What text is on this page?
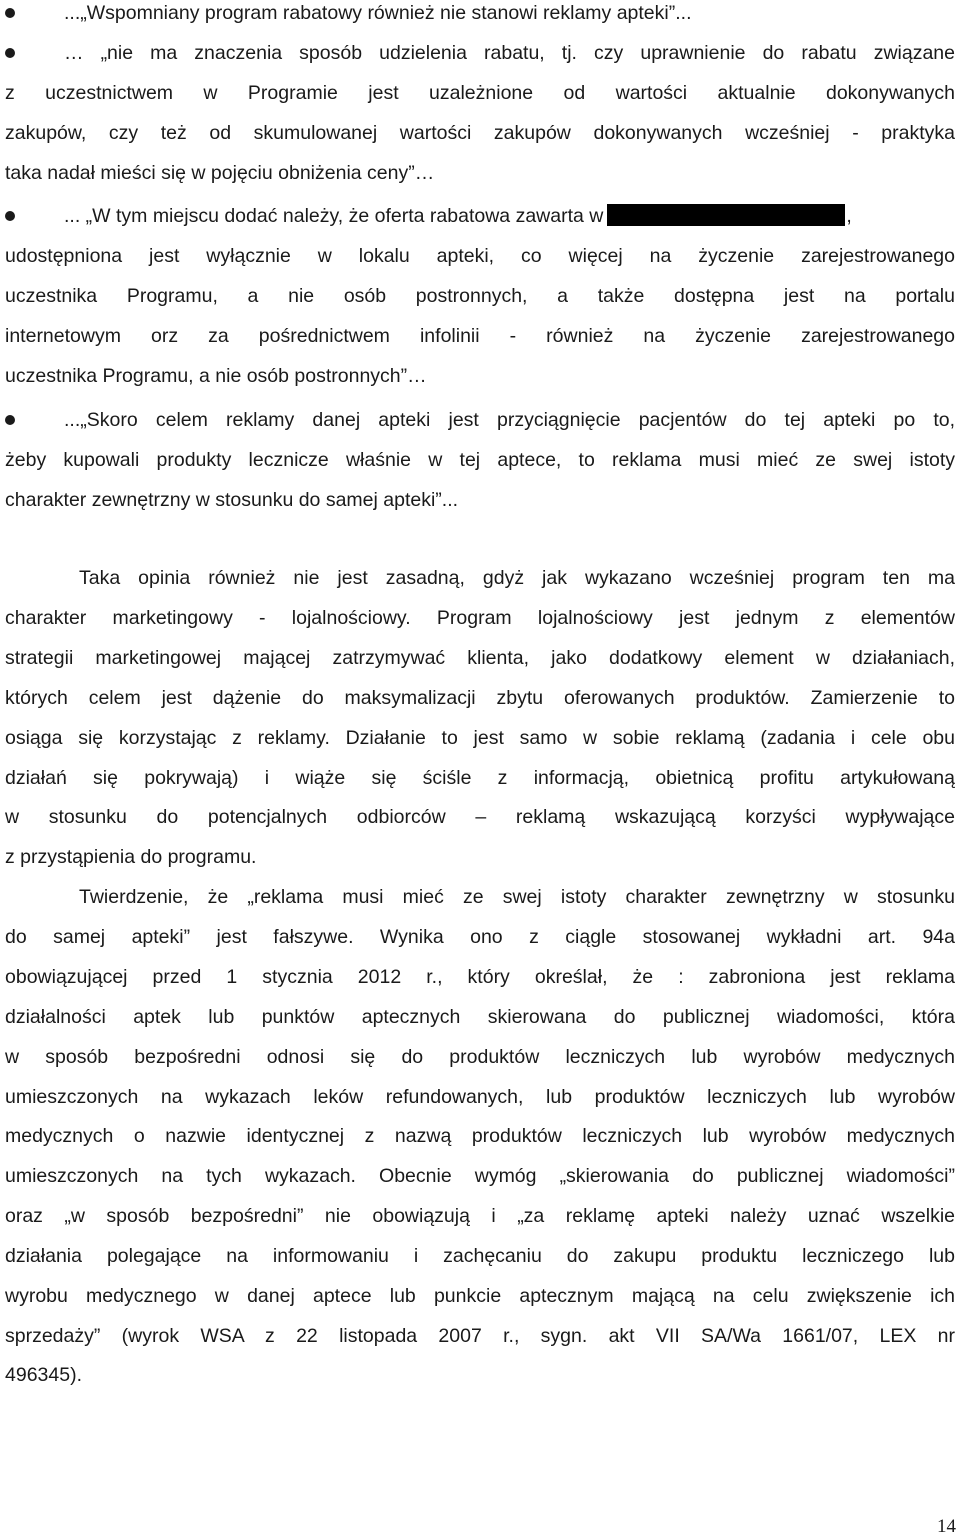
...„Wspomniany program rabatowy również nie stanowi reklamy apteki”...
… „nie ma znaczenia sposób udzielenia rabatu, tj. czy uprawnienie do rabatu związane
z uczestnictwem w Programie jest uzależnione od wartości aktualnie dokonywanych
zakupów, czy też od skumulowanej wartości zakupów dokonywanych wcześniej - praktyka
taka nadał mieści się w pojęciu obniżenia ceny”…
... „W tym miejscu dodać należy, że oferta rabatowa zawarta w	,
udostępniona jest wyłącznie w lokalu apteki, co więcej na życzenie zarejestrowanego
uczestnika Programu, a nie osób postronnych, a także dostępna jest na portalu
internetowym orz za pośrednictwem infolinii - również na życzenie zarejestrowanego
uczestnika Programu, a nie osób postronnych”…
...„Skoro celem reklamy danej apteki jest przyciągnięcie pacjentów do tej apteki po to,
żeby kupowali produkty lecznicze właśnie w tej aptece, to reklama musi mieć ze swej istoty
charakter zewnętrzny w stosunku do samej apteki”...
Taka opinia również nie jest zasadną, gdyż jak wykazano wcześniej program ten ma
charakter marketingowy - lojalnościowy. Program lojalnościowy jest jednym z elementów
strategii marketingowej mającej zatrzymywać klienta, jako dodatkowy element w działaniach,
których celem jest dążenie do maksymalizacji zbytu oferowanych produktów. Zamierzenie to
osiąga się korzystając z reklamy. Działanie to jest samo w sobie reklamą (zadania i cele obu
działań się pokrywają) i wiąże się ściśle z informacją, obietnicą profitu artykułowaną
w stosunku do potencjalnych odbiorców – reklamą wskazującą korzyści wypływające
z przystąpienia do programu.
Twierdzenie, że „reklama musi mieć ze swej istoty charakter zewnętrzny w stosunku
do samej apteki” jest fałszywe. Wynika ono z ciągle stosowanej wykładni art. 94a
obowiązującej przed 1 stycznia 2012 r., który określał, że : zabroniona jest reklama
działalności aptek lub punktów aptecznych skierowana do publicznej wiadomości, która
w sposób bezpośredni odnosi się do produktów leczniczych lub wyrobów medycznych
umieszczonych na wykazach leków refundowanych, lub produktów leczniczych lub wyrobów
medycznych o nazwie identycznej z nazwą produktów leczniczych lub wyrobów medycznych
umieszczonych na tych wykazach. Obecnie wymóg „skierowania do publicznej wiadomości”
oraz „w sposób bezpośredni” nie obowiązują i „za reklamę apteki należy uznać wszelkie
działania polegające na informowaniu i zachęcaniu do zakupu produktu leczniczego lub
wyrobu medycznego w danej aptece lub punkcie aptecznym mającą na celu zwiększenie ich
sprzedaży” (wyrok WSA z 22 listopada 2007 r., sygn. akt VII SA/Wa 1661/07, LEX nr
496345).
14
